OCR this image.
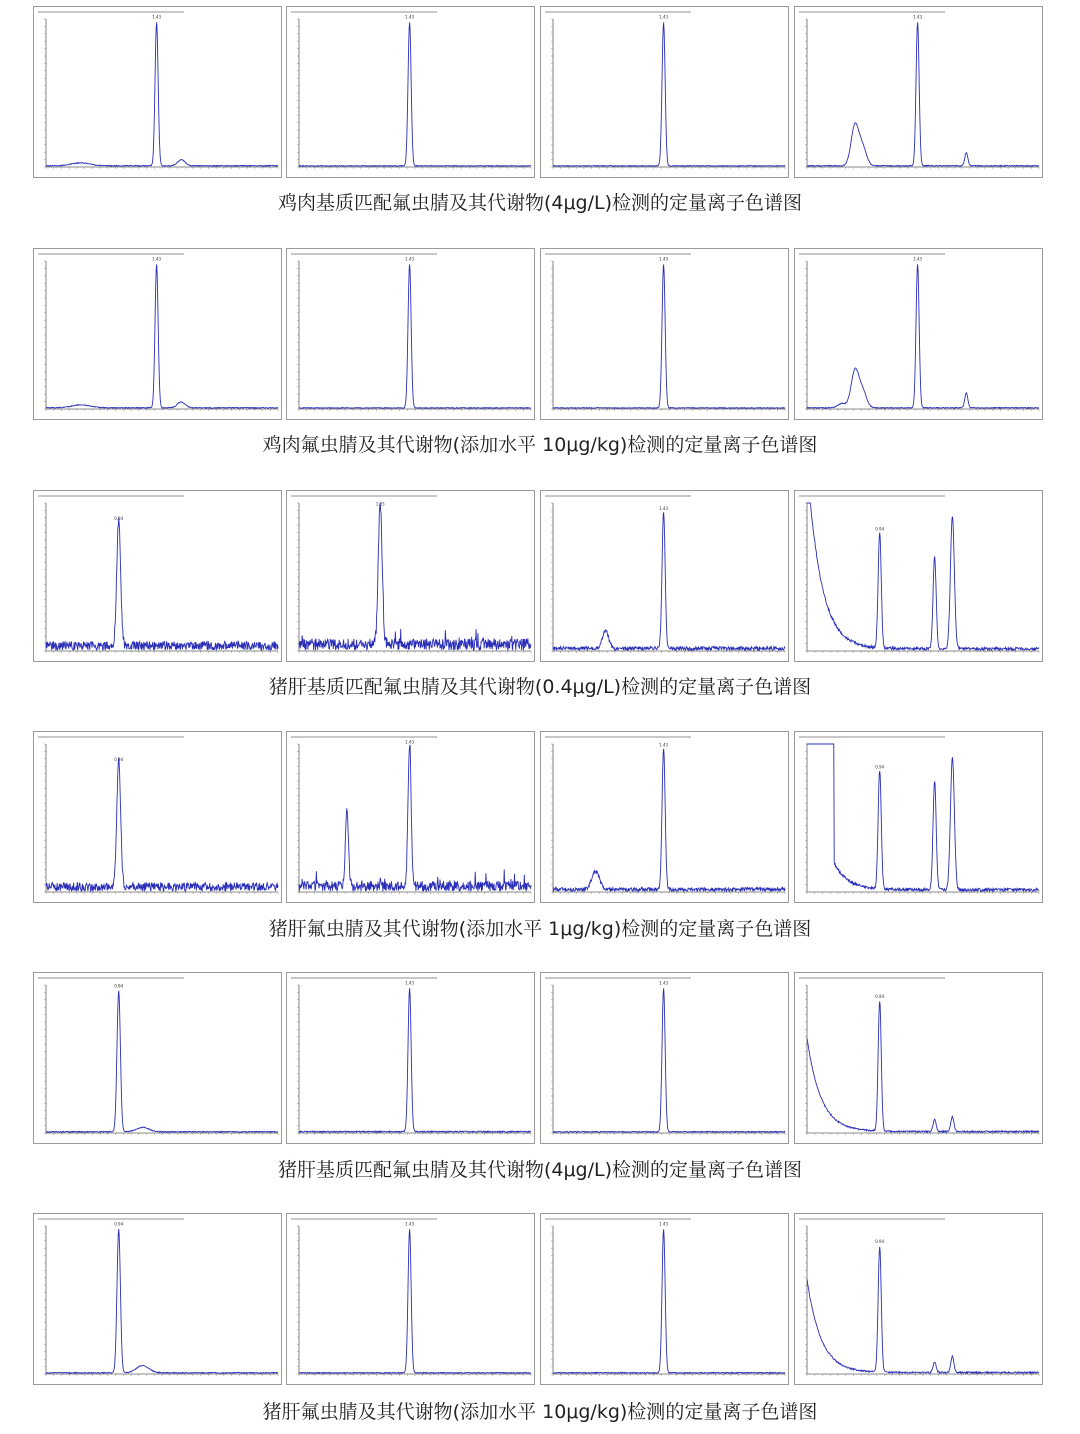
鸡肉基质匹配氟虫腈及其代谢物(4μg/L)检测的定量离子色谱图
1.43	1.43	1.43	1.43
鸡肉氟虫腈及其代谢物(添加水平 10μg/kg)检测的定量离子色谱图
1.43	1.43	1.43	1.43
猪肝基质匹配氟虫腈及其代谢物(0.4μg/L)检测的定量离子色谱图
0.94
1.05
1.43
0.94
猪肝氟虫腈及其代谢物(添加水平 1μg/kg)检测的定量离子色谱图
0.94
1.43
1.43
0.94
猪肝基质匹配氟虫腈及其代谢物(4μg/L)检测的定量离子色谱图
0.94
1.43	1.43
0.94
猪肝氟虫腈及其代谢物(添加水平 10μg/kg)检测的定量离子色谱图
0.94	1.43	1.43
0.94
